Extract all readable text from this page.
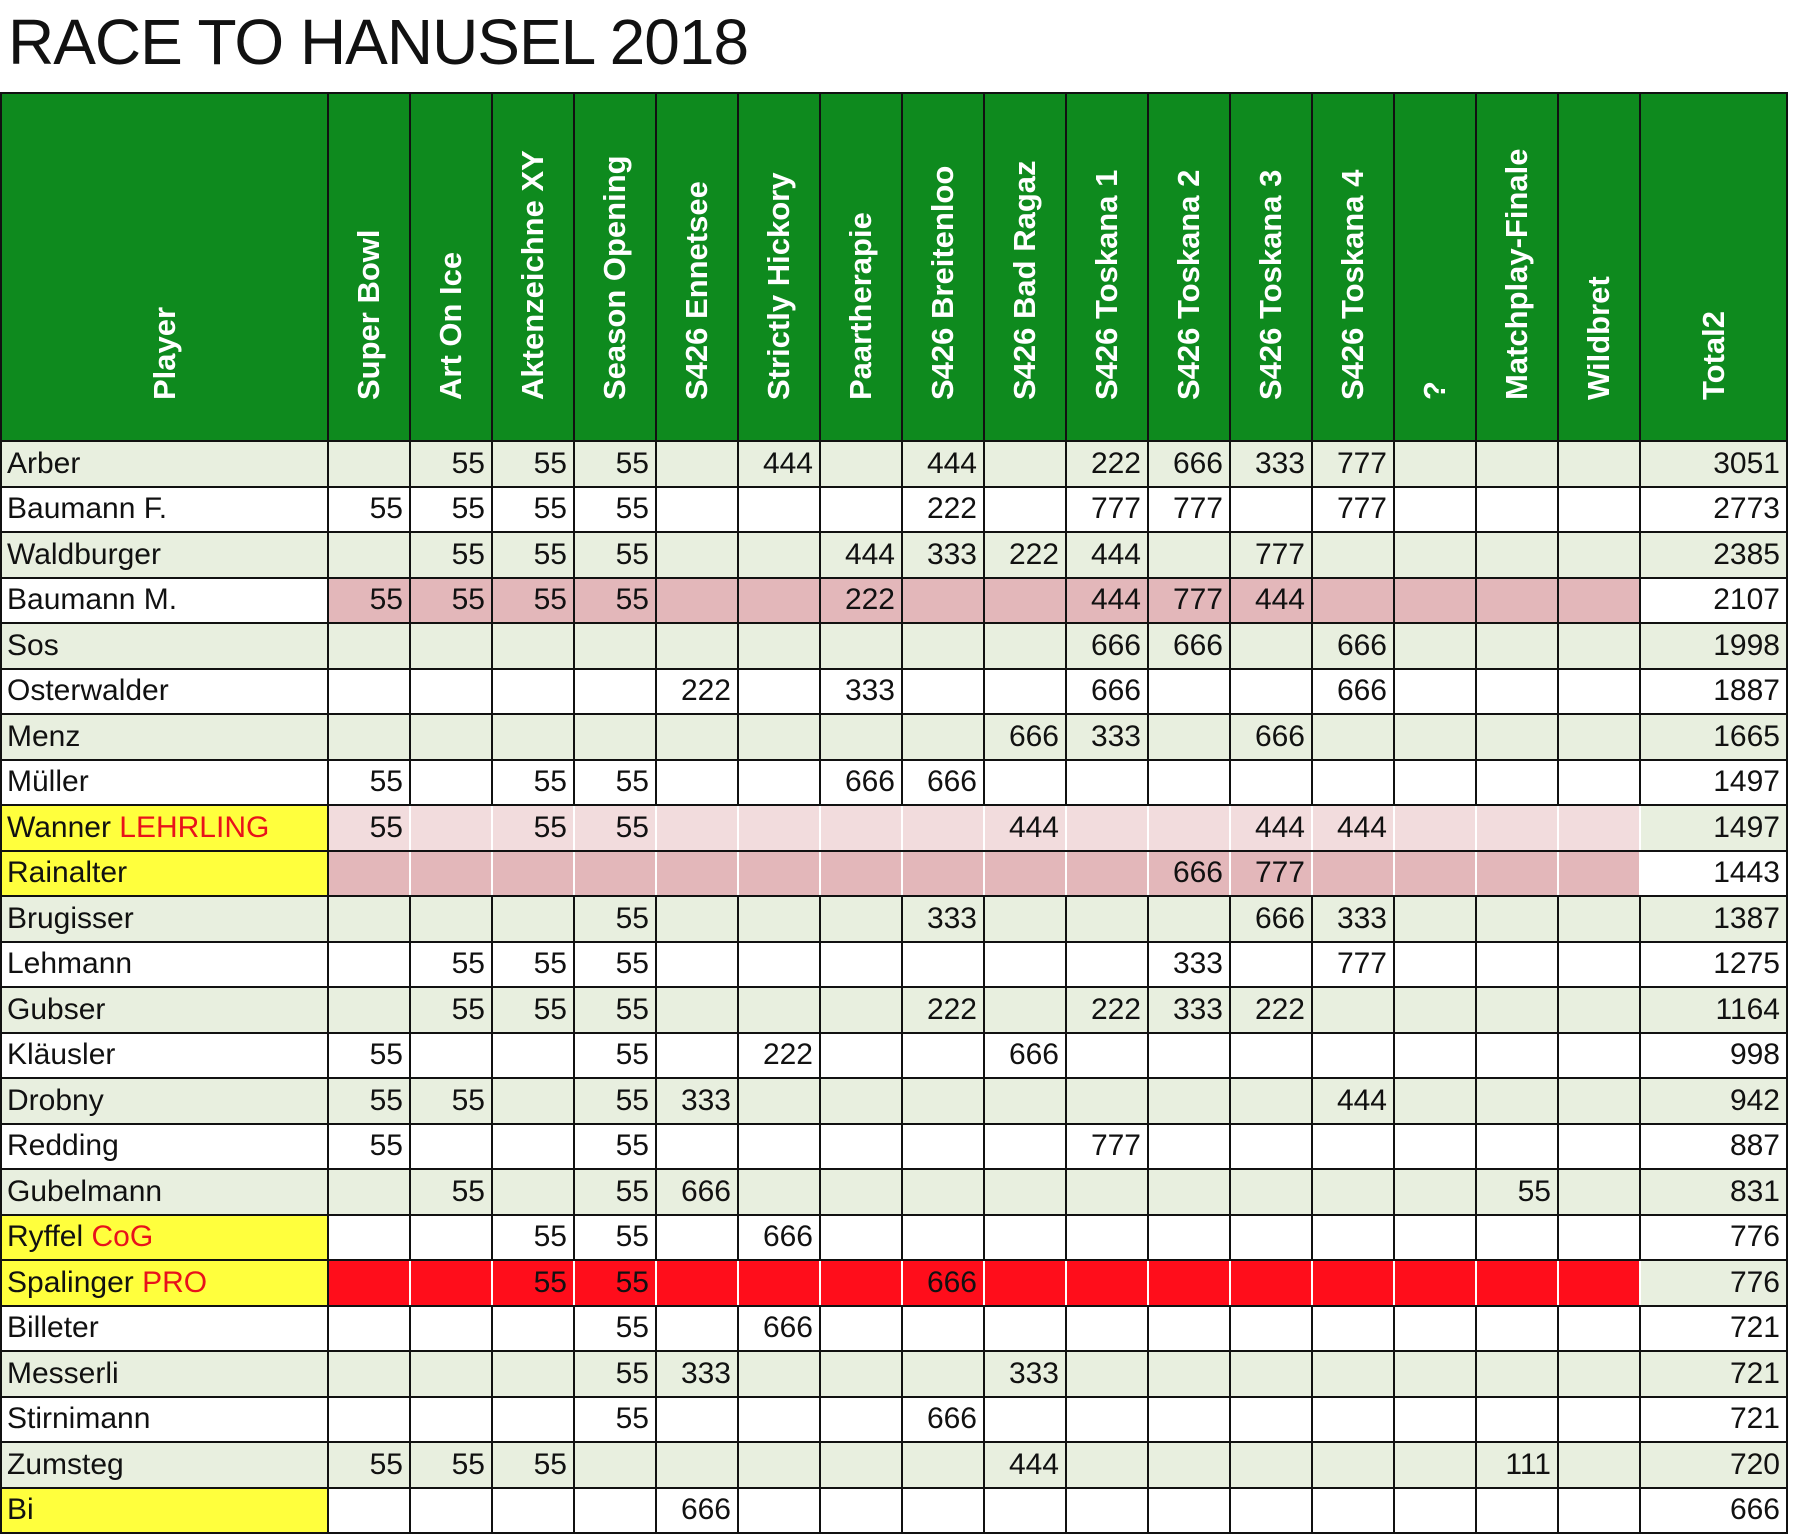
RACE TO HANUSEL 2018
Player	Super Bowl	Art On Ice	Aktenzeichne XY	Season Opening	S426 Ennetsee	Strictly Hickory	Paartherapie	S426 Breitenloo	S426 Bad Ragaz	S426 Toskana 1	S426 Toskana 2	S426 Toskana 3	S426 Toskana 4	?	Matchplay-Finale	Wildbret	Total2

Arber		55	55	55		444		444		222	666	333	777				3051
Baumann F.	55	55	55	55				222		777	777		777				2773
Waldburger		55	55	55			444	333	222	444		777					2385
Baumann M.	55	55	55	55			222			444	777	444					2107
Sos										666	666		666				1998
Osterwalder					222		333			666			666				1887
Menz									666	333		666					1665
Müller	55		55	55			666	666									1497
Wanner LEHRLING	55		55	55					444			444	444				1497
Rainalter											666	777					1443
Brugisser				55				333				666	333				1387
Lehmann		55	55	55							333		777				1275
Gubser		55	55	55				222		222	333	222					1164
Kläusler	55			55		222			666								998
Drobny	55	55		55	333								444				942
Redding	55			55						777							887
Gubelmann		55		55	666										55		831
Ryffel CoG			55	55		666											776
Spalinger PRO			55	55				666									776
Billeter				55		666											721
Messerli				55	333				333								721
Stirnimann				55				666									721
Zumsteg	55	55	55						444						111		720
Bi					666												666
